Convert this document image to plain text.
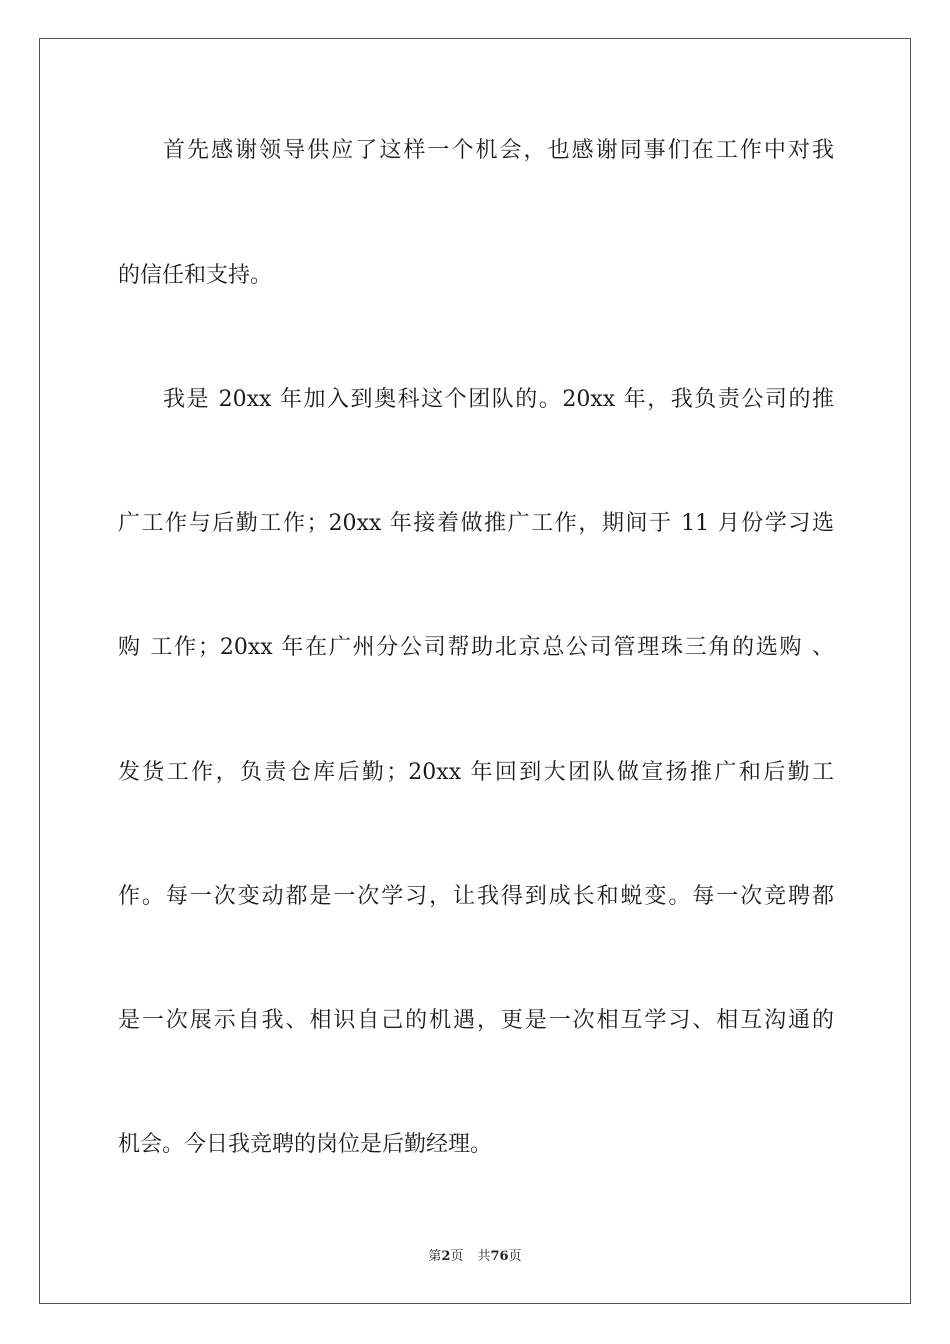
首先感谢领导供应了这样一个机会，也感谢同事们在工作中对我
的信任和支持。
我是 20xx 年加入到奥科这个团队的。20xx 年，我负责公司的推
广工作与后勤工作；20xx 年接着做推广工作，期间于 11 月份学习选
购 工作；20xx 年在广州分公司帮助北京总公司管理珠三角的选购 、
发货工作，负责仓库后勤；20xx 年回到大团队做宣扬推广和后勤工
作。每一次变动都是一次学习，让我得到成长和蜕变。每一次竞聘都
是一次展示自我、相识自己的机遇，更是一次相互学习、相互沟通的
机会。今日我竞聘的岗位是后勤经理。
第2页 共76页
